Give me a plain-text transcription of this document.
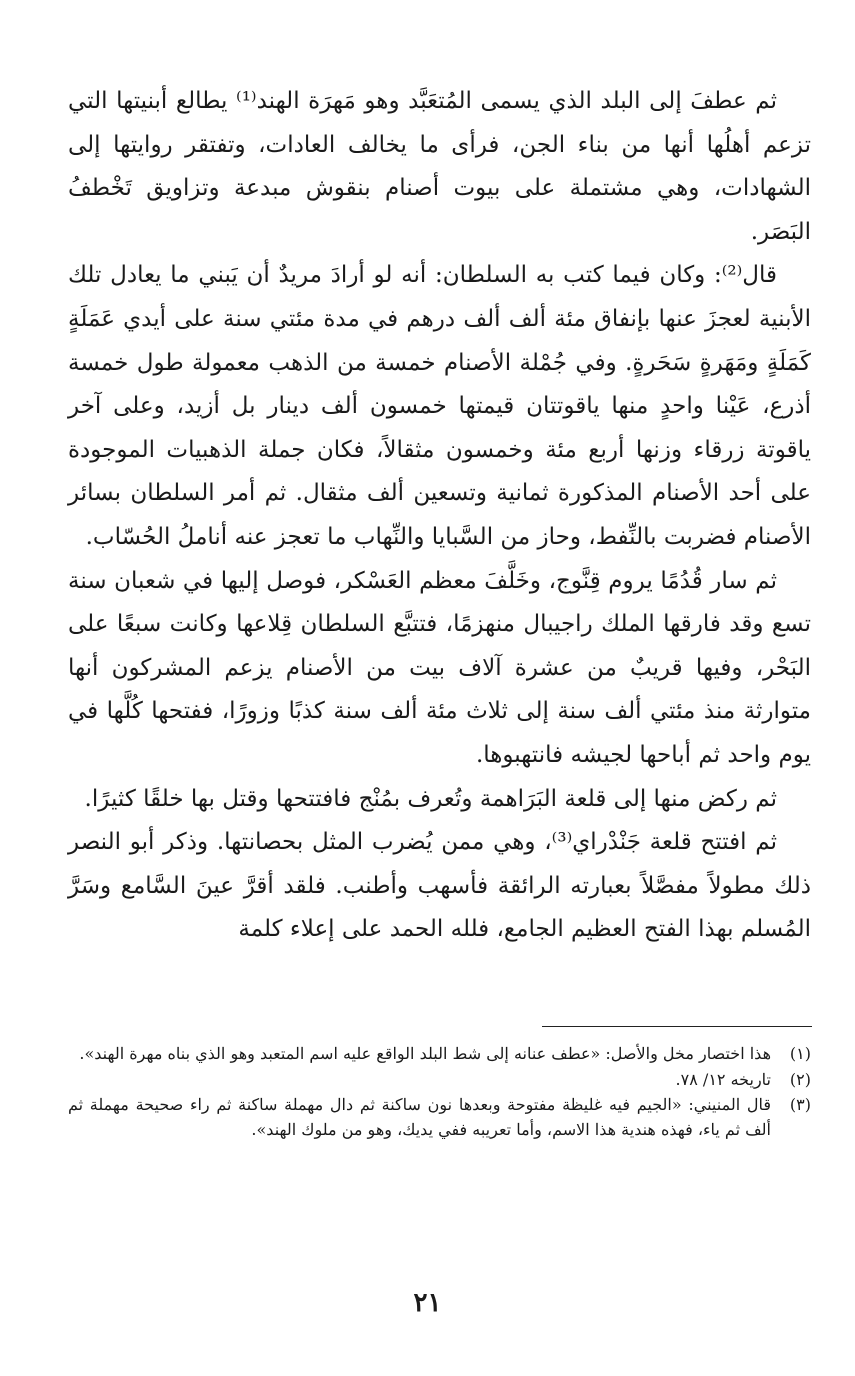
ثم عطفَ إلى البلد الذي يسمى المُتعَبَّد وهو مَهرَة الهند⁽¹⁾ يطالع أبنيتها التي تزعم أهلُها أنها من بناء الجن، فرأى ما يخالف العادات، وتفتقر روايتها إلى الشهادات، وهي مشتملة على بيوت أصنام بنقوش مبدعة وتزاويق تَخْطفُ البَصَر.

قال⁽²⁾: وكان فيما كتب به السلطان: أنه لو أرادَ مريدٌ أن يَبني ما يعادل تلك الأبنية لعجزَ عنها بإنفاق مئة ألف ألف درهم في مدة مئتي سنة على أيدي عَمَلَةٍ كَمَلَةٍ ومَهَرةٍ سَحَرةٍ. وفي جُمْلة الأصنام خمسة من الذهب معمولة طول خمسة أذرع، عَيْنا واحدٍ منها ياقوتتان قيمتها خمسون ألف دينار بل أزيد، وعلى آخر ياقوتة زرقاء وزنها أربع مئة وخمسون مثقالاً، فكان جملة الذهبيات الموجودة على أحد الأصنام المذكورة ثمانية وتسعين ألف مثقال. ثم أمر السلطان بسائر الأصنام فضربت بالنِّفط، وحاز من السَّبايا والنِّهاب ما تعجز عنه أناملُ الحُسّاب.

ثم سار قُدُمًا يروم قِنَّوج، وخَلَّفَ معظم العَسْكر، فوصل إليها في شعبان سنة تسع وقد فارقها الملك راجيبال منهزمًا، فتتبَّع السلطان قِلاعها وكانت سبعًا على البَحْر، وفيها قريبٌ من عشرة آلاف بيت من الأصنام يزعم المشركون أنها متوارثة منذ مئتي ألف سنة إلى ثلاث مئة ألف سنة كذبًا وزورًا، ففتحها كُلَّها في يوم واحد ثم أباحها لجيشه فانتهبوها.

ثم ركض منها إلى قلعة البَرَاهمة وتُعرف بمُنْج فافتتحها وقتل بها خلقًا كثيرًا.

ثم افتتح قلعة جَنْدْراي⁽³⁾، وهي ممن يُضرب المثل بحصانتها. وذكر أبو النصر ذلك مطولاً مفصَّلاً بعبارته الرائقة فأسهب وأطنب. فلقد أقرَّ عينَ السَّامع وسَرَّ المُسلم بهذا الفتح العظيم الجامع، فلله الحمد على إعلاء كلمة

(١)
هذا اختصار مخل والأصل: «عطف عنانه إلى شط البلد الواقع عليه اسم المتعبد وهو الذي بناه مهرة الهند».
(٢)
تاريخه ١٢/ ٧٨.
(٣)
قال المنيني: «الجيم فيه غليظة مفتوحة وبعدها نون ساكنة ثم دال مهملة ساكنة ثم راء صحيحة مهملة ثم ألف ثم ياء، فهذه هندية هذا الاسم، وأما تعريبه ففي يديك، وهو من ملوك الهند».
٢١
